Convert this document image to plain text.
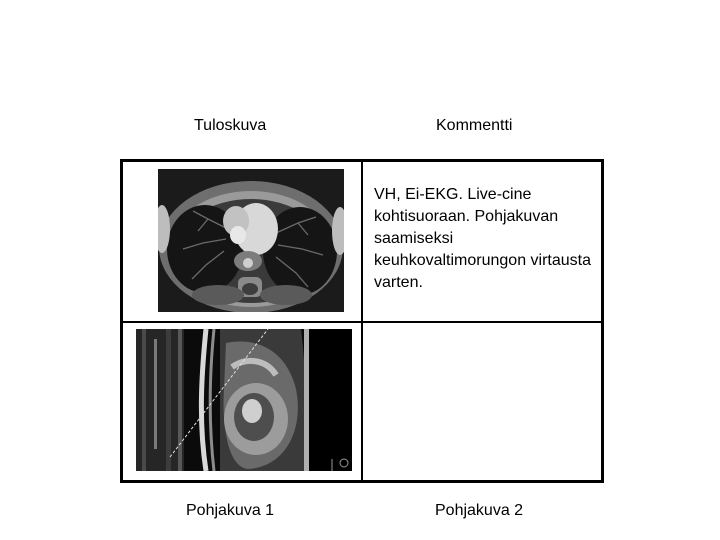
Tuloskuva	Kommentti
VH, Ei-EKG. Live-cine kohtisuoraan. Pohjakuvan saamiseksi keuhkovaltimorungon virtausta varten.
Pohjakuva 1	Pohjakuva 2
